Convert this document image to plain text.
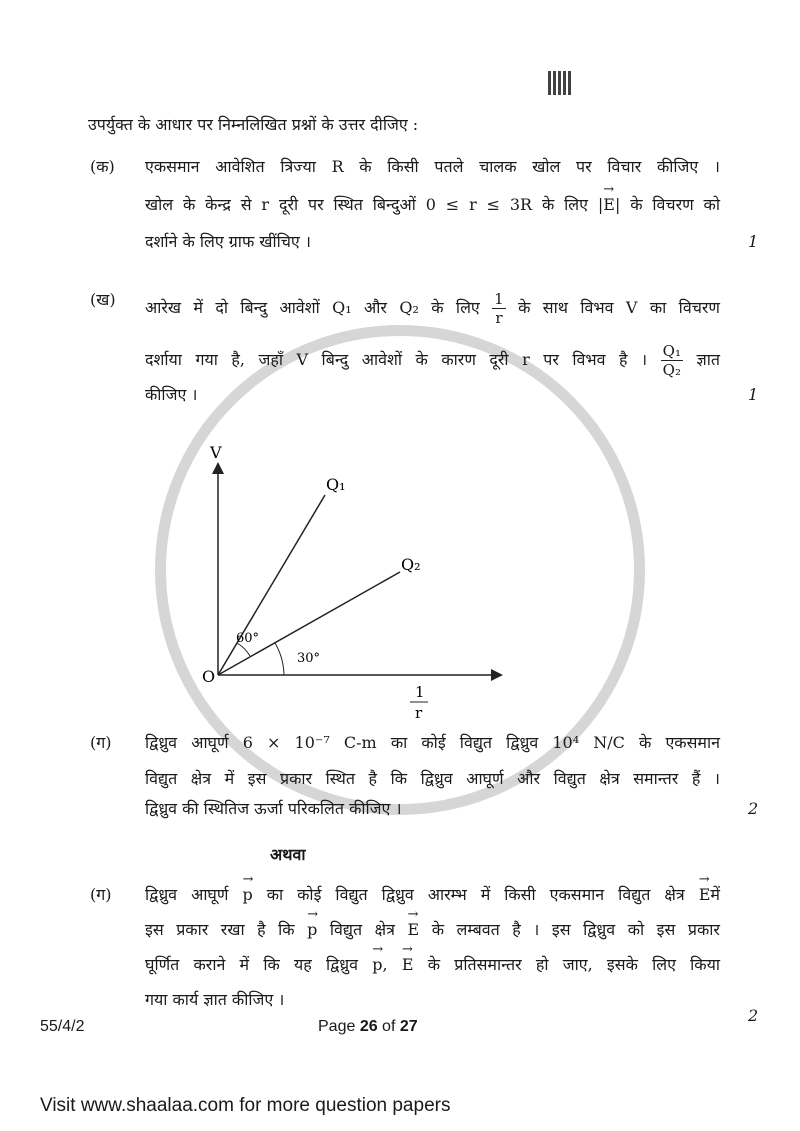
उपर्युक्त के आधार पर निम्नलिखित प्रश्नों के उत्तर दीजिए :
(क) एकसमान आवेशित त्रिज्या R के किसी पतले चालक खोल पर विचार कीजिए ।
खोल के केन्द्र से r दूरी पर स्थित बिन्दुओं 0 ≤ r ≤ 3R के लिए |→ E| के विचरण को
दर्शाने के लिए ग्राफ खींचिए ।	1
(ख) आरेख में दो बिन्दु आवेशों Q₁ और Q₂ के लिए $\frac{1}{r}$ के साथ विभव V का विचरण
दर्शाया गया है, जहाँ V बिन्दु आवेशों के कारण दूरी r पर विभव है । $\frac{\text{Q₁}}{\text{Q₂}}$ ज्ञात
कीजिए ।	1
V
Q₁
Q₂
O
60°
30°
1
r
(ग) द्विध्रुव आघूर्ण 6 × 10⁻⁷ C-m का कोई विद्युत द्विध्रुव 10⁴ N/C के एकसमान
विद्युत क्षेत्र में इस प्रकार स्थित है कि द्विध्रुव आघूर्ण और विद्युत क्षेत्र समान्तर हैं ।
द्विध्रुव की स्थितिज ऊर्जा परिकलित कीजिए ।	2
अथवा
(ग) द्विध्रुव आघूर्ण → p का कोई विद्युत द्विध्रुव आरम्भ में किसी एकसमान विद्युत क्षेत्र → Eमें
इस प्रकार रखा है कि → p विद्युत क्षेत्र → E के लम्बवत है । इस द्विध्रुव को इस प्रकार
घूर्णित कराने में कि यह द्विध्रुव → p, → E के प्रतिसमान्तर हो जाए, इसके लिए किया
गया कार्य ज्ञात कीजिए ।
2
55/4/2	Page 26 of 27
Visit www.shaalaa.com for more question papers
